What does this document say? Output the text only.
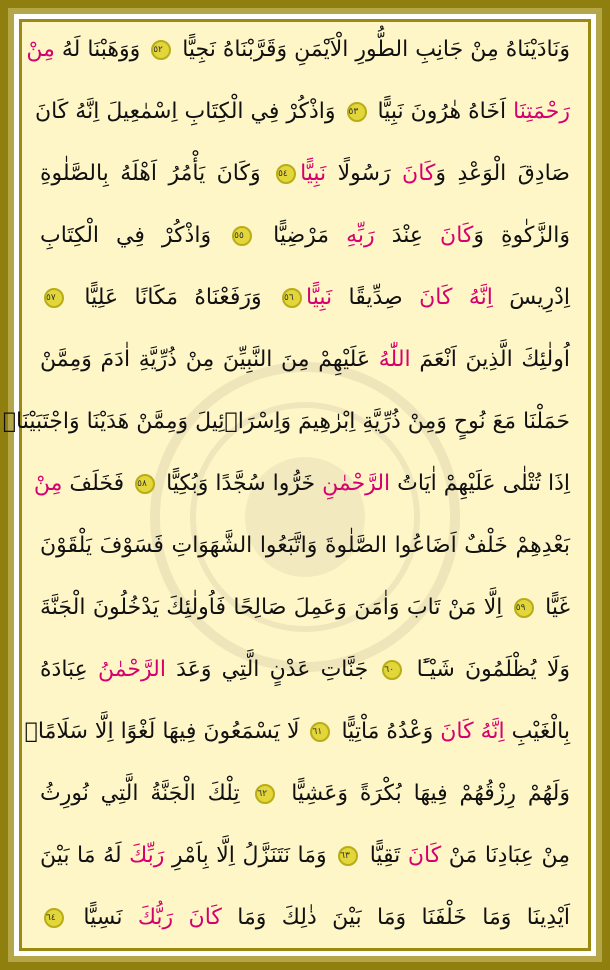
وَنَادَيْنَاهُ مِنْ جَانِبِ الطُّورِ الْاَيْمَنِ وَقَرَّبْنَاهُ نَجِيًّا ٥٢ وَوَهَبْنَا لَهُ مِنْ
رَحْمَتِنَا اَخَاهُ هٰرُونَ نَبِيًّا ٥٣ وَاذْكُرْ فِي الْكِتَابِ اِسْمٰعِيلَ اِنَّهُ كَانَ
صَادِقَ الْوَعْدِ وَكَانَ رَسُولًا نَبِيًّا٥٤ وَكَانَ يَأْمُرُ اَهْلَهُ بِالصَّلٰوةِ
وَالزَّكٰوةِ وَكَانَ عِنْدَ رَبِّهِ مَرْضِيًّا ٥٥ وَاذْكُرْ فِي الْكِتَابِ
اِدْرِيسَ اِنَّهُ كَانَ صِدِّيقًا نَبِيًّا٥٦ وَرَفَعْنَاهُ مَكَانًا عَلِيًّا ٥٧
اُولٰئِكَ الَّذِينَ اَنْعَمَ اللّٰهُ عَلَيْهِمْ مِنَ النَّبِيِّنَ مِنْ ذُرِّيَّةِ اٰدَمَ وَمِمَّنْ
حَمَلْنَا مَعَ نُوحٍ وَمِنْ ذُرِّيَّةِ اِبْرٰهِيمَ وَاِسْرَاۤئِيلَ وَمِمَّنْ هَدَيْنَا وَاجْتَبَيْنَاۜ
اِذَا تُتْلٰى عَلَيْهِمْ اٰيَاتُ الرَّحْمٰنِ خَرُّوا سُجَّدًا وَبُكِيًّا ٥٨ فَخَلَفَ مِنْ
بَعْدِهِمْ خَلْفٌ اَضَاعُوا الصَّلٰوةَ وَاتَّبَعُوا الشَّهَوَاتِ فَسَوْفَ يَلْقَوْنَ
غَيًّا ٥٩ اِلَّا مَنْ تَابَ وَاٰمَنَ وَعَمِلَ صَالِحًا فَاُولٰئِكَ يَدْخُلُونَ الْجَنَّةَ
وَلَا يُظْلَمُونَ شَيْـًٔا ٦٠ جَنَّاتِ عَدْنٍ الَّتِي وَعَدَ الرَّحْمٰنُ عِبَادَهُ
بِالْغَيْبِ اِنَّهُ كَانَ وَعْدُهُ مَاْتِيًّا ٦١ لَا يَسْمَعُونَ فِيهَا لَغْوًا اِلَّا سَلَامًاۜ
وَلَهُمْ رِزْقُهُمْ فِيهَا بُكْرَةً وَعَشِيًّا ٦٢ تِلْكَ الْجَنَّةُ الَّتِي نُورِثُ
مِنْ عِبَادِنَا مَنْ كَانَ تَقِيًّا ٦٣ وَمَا نَتَنَزَّلُ اِلَّا بِاَمْرِ رَبِّكَ لَهُ مَا بَيْنَ
اَيْدِينَا وَمَا خَلْفَنَا وَمَا بَيْنَ ذٰلِكَ وَمَا كَانَ رَبُّكَ نَسِيًّا ٦٤
